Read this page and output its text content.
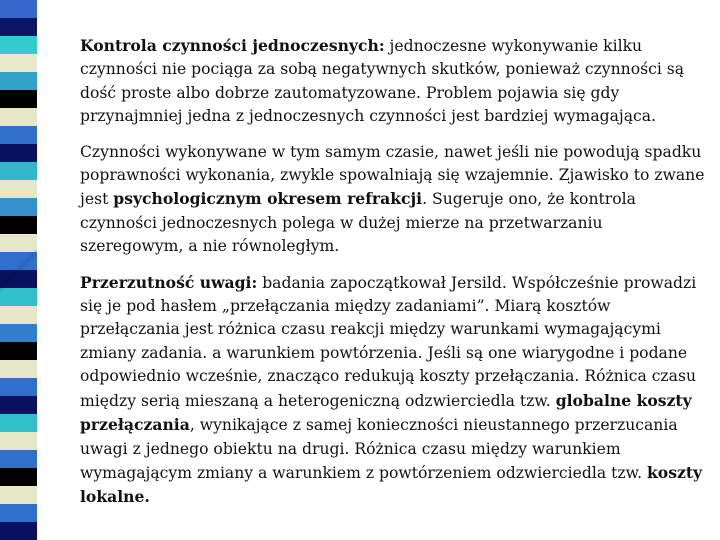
Kontrola czynności jednoczesnych: jednoczesne wykonywanie kilku czynności nie pociąga za sobą negatywnych skutków, ponieważ czynności są dość proste albo dobrze zautomatyzowane. Problem pojawia się gdy przynajmniej jedna z jednoczesnych czynności jest bardziej wymagająca.

Czynności wykonywane w tym samym czasie, nawet jeśli nie powodują spadku poprawności wykonania, zwykle spowalniają się wzajemnie. Zjawisko to zwane jest psychologicznym okresem refrakcji. Sugeruje ono, że kontrola czynności jednoczesnych polega w dużej mierze na przetwarzaniu szeregowym, a nie równoległym.

Przerzutność uwagi: badania zapoczątkował Jersild. Współcześnie prowadzi się je pod hasłem „przełączania między zadaniami”. Miarą kosztów przełączania jest różnica czasu reakcji między warunkami wymagającymi zmiany zadania. a warunkiem powtórzenia. Jeśli są one wiarygodne i podane odpowiednio wcześnie, znacząco redukują koszty przełączania. Różnica czasu między serią mieszaną a heterogeniczną odzwierciedla tzw. globalne koszty przełączania, wynikające z samej konieczności nieustannego przerzucania uwagi z jednego obiektu na drugi. Różnica czasu między warunkiem wymagającym zmiany a warunkiem z powtórzeniem odzwierciedla tzw. koszty lokalne.
